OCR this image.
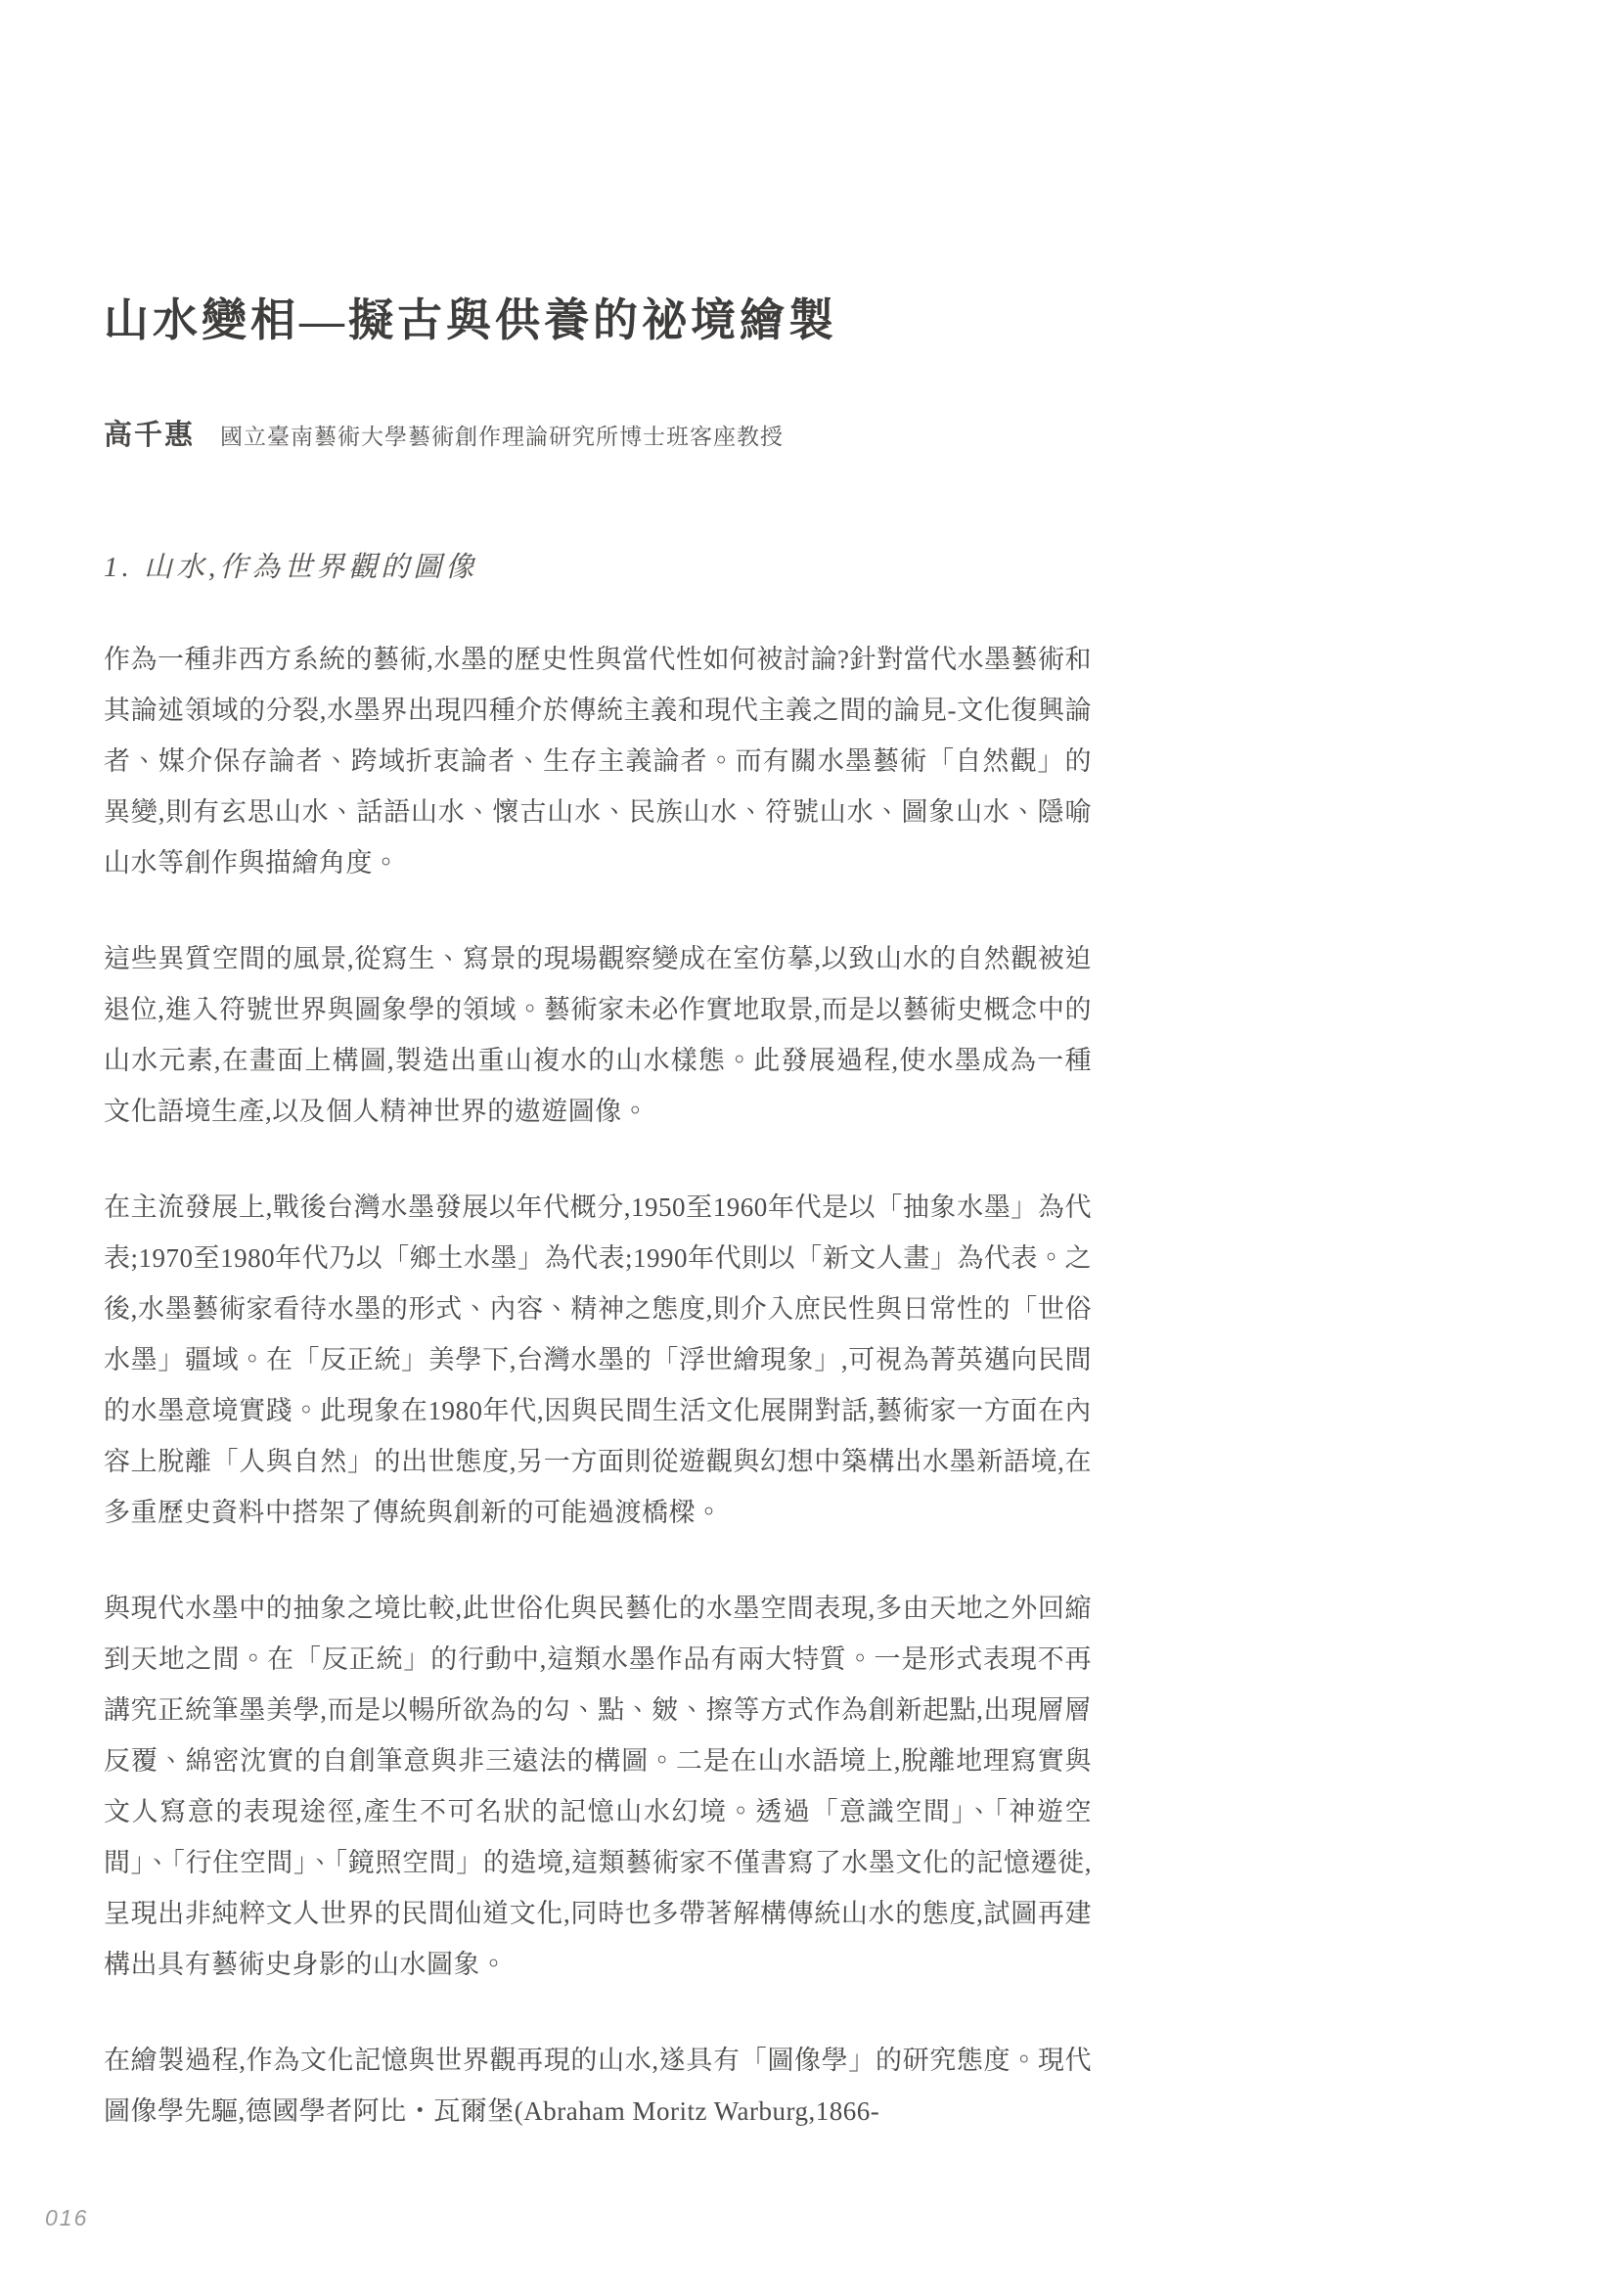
山水變相—擬古與供養的祕境繪製
高千惠 國立臺南藝術大學藝術創作理論研究所博士班客座教授
1. 山水,作為世界觀的圖像

作為一種非西方系統的藝術,水墨的歷史性與當代性如何被討論?針對當代水墨藝術和其論述領域的分裂,水墨界出現四種介於傳統主義和現代主義之間的論見-文化復興論者、媒介保存論者、跨域折衷論者、生存主義論者。而有關水墨藝術「自然觀」的異變,則有玄思山水、話語山水、懷古山水、民族山水、符號山水、圖象山水、隱喻山水等創作與描繪角度。

這些異質空間的風景,從寫生、寫景的現場觀察變成在室仿摹,以致山水的自然觀被迫退位,進入符號世界與圖象學的領域。藝術家未必作實地取景,而是以藝術史概念中的山水元素,在畫面上構圖,製造出重山複水的山水樣態。此發展過程,使水墨成為一種文化語境生產,以及個人精神世界的遨遊圖像。

在主流發展上,戰後台灣水墨發展以年代概分,1950至1960年代是以「抽象水墨」為代表;1970至1980年代乃以「鄉土水墨」為代表;1990年代則以「新文人畫」為代表。之後,水墨藝術家看待水墨的形式、內容、精神之態度,則介入庶民性與日常性的「世俗水墨」疆域。在「反正統」美學下,台灣水墨的「浮世繪現象」,可視為菁英邁向民間的水墨意境實踐。此現象在1980年代,因與民間生活文化展開對話,藝術家一方面在內容上脫離「人與自然」的出世態度,另一方面則從遊觀與幻想中築構出水墨新語境,在多重歷史資料中搭架了傳統與創新的可能過渡橋樑。

與現代水墨中的抽象之境比較,此世俗化與民藝化的水墨空間表現,多由天地之外回縮到天地之間。在「反正統」的行動中,這類水墨作品有兩大特質。一是形式表現不再講究正統筆墨美學,而是以暢所欲為的勾、點、皴、擦等方式作為創新起點,出現層層反覆、綿密沈實的自創筆意與非三遠法的構圖。二是在山水語境上,脫離地理寫實與文人寫意的表現途徑,產生不可名狀的記憶山水幻境。透過「意識空間」、「神遊空間」、「行住空間」、「鏡照空間」的造境,這類藝術家不僅書寫了水墨文化的記憶遷徙,呈現出非純粹文人世界的民間仙道文化,同時也多帶著解構傳統山水的態度,試圖再建構出具有藝術史身影的山水圖象。

在繪製過程,作為文化記憶與世界觀再現的山水,遂具有「圖像學」的研究態度。現代圖像學先驅,德國學者阿比・瓦爾堡(Abraham Moritz Warburg,1866-

016
